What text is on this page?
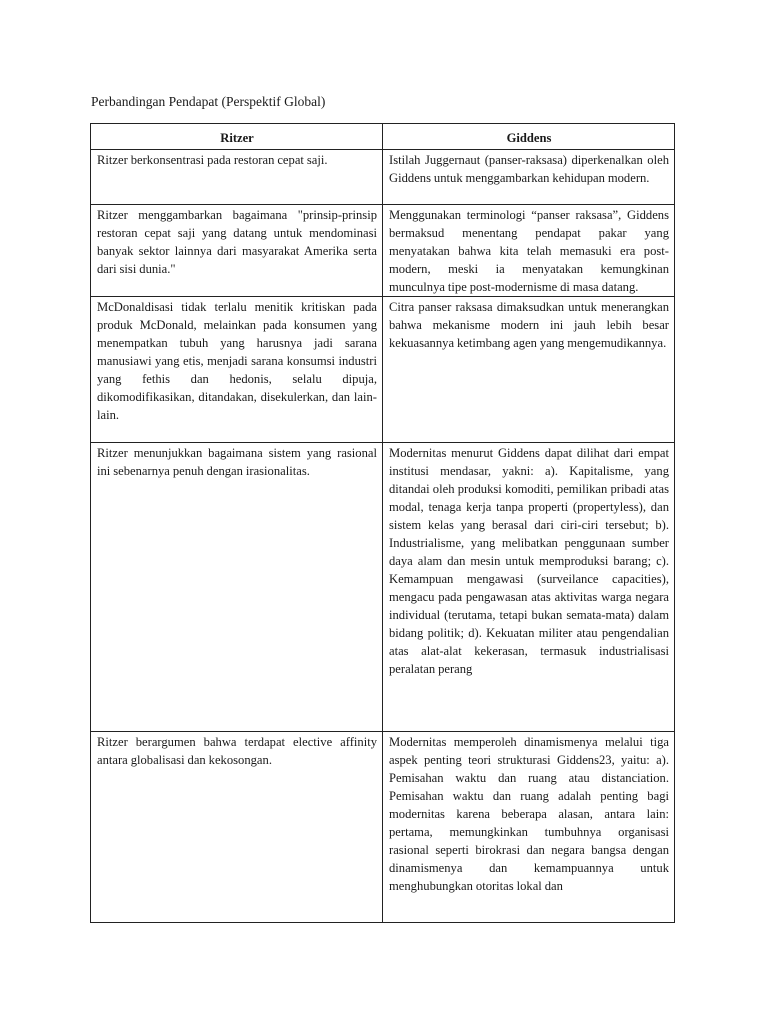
Perbandingan Pendapat (Perspektif Global)
Ritzer	Giddens
Ritzer berkonsentrasi pada restoran cepat saji.	Istilah Juggernaut (panser-raksasa) diperkenalkan oleh Giddens untuk menggambarkan kehidupan modern.
Ritzer menggambarkan bagaimana "prinsip-prinsip restoran cepat saji yang datang untuk mendominasi banyak sektor lainnya dari masyarakat Amerika serta dari sisi dunia."	Menggunakan terminologi “panser raksasa”, Giddens bermaksud menentang pendapat pakar yang menyatakan bahwa kita telah memasuki era post-modern, meski ia menyatakan kemungkinan munculnya tipe post-modernisme di masa datang.
McDonaldisasi tidak terlalu menitik kritiskan pada produk McDonald, melainkan pada konsumen yang menempatkan tubuh yang harusnya jadi sarana manusiawi yang etis, menjadi sarana konsumsi industri yang fethis dan hedonis, selalu dipuja, dikomodifikasikan, ditandakan, disekulerkan, dan lain-lain.	Citra panser raksasa dimaksudkan untuk menerangkan bahwa mekanisme modern ini jauh lebih besar kekuasannya ketimbang agen yang mengemudikannya.
Ritzer menunjukkan bagaimana sistem yang rasional ini sebenarnya penuh dengan irasionalitas.	Modernitas menurut Giddens dapat dilihat dari empat institusi mendasar, yakni: a). Kapitalisme, yang ditandai oleh produksi komoditi, pemilikan pribadi atas modal, tenaga kerja tanpa properti (propertyless), dan sistem kelas yang berasal dari ciri-ciri tersebut; b). Industrialisme, yang melibatkan penggunaan sumber daya alam dan mesin untuk memproduksi barang; c). Kemampuan mengawasi (surveilance capacities), mengacu pada pengawasan atas aktivitas warga negara individual (terutama, tetapi bukan semata-mata) dalam bidang politik; d). Kekuatan militer atau pengendalian atas alat-alat kekerasan, termasuk industrialisasi peralatan perang

Ritzer berargumen bahwa terdapat elective affinity antara globalisasi dan kekosongan.	Modernitas memperoleh dinamismenya melalui tiga aspek penting teori strukturasi Giddens23, yaitu: a). Pemisahan waktu dan ruang atau distanciation. Pemisahan waktu dan ruang adalah penting bagi modernitas karena beberapa alasan, antara lain: pertama, memungkinkan tumbuhnya organisasi rasional seperti birokrasi dan negara bangsa dengan dinamismenya dan kemampuannya untuk menghubungkan otoritas lokal dan
